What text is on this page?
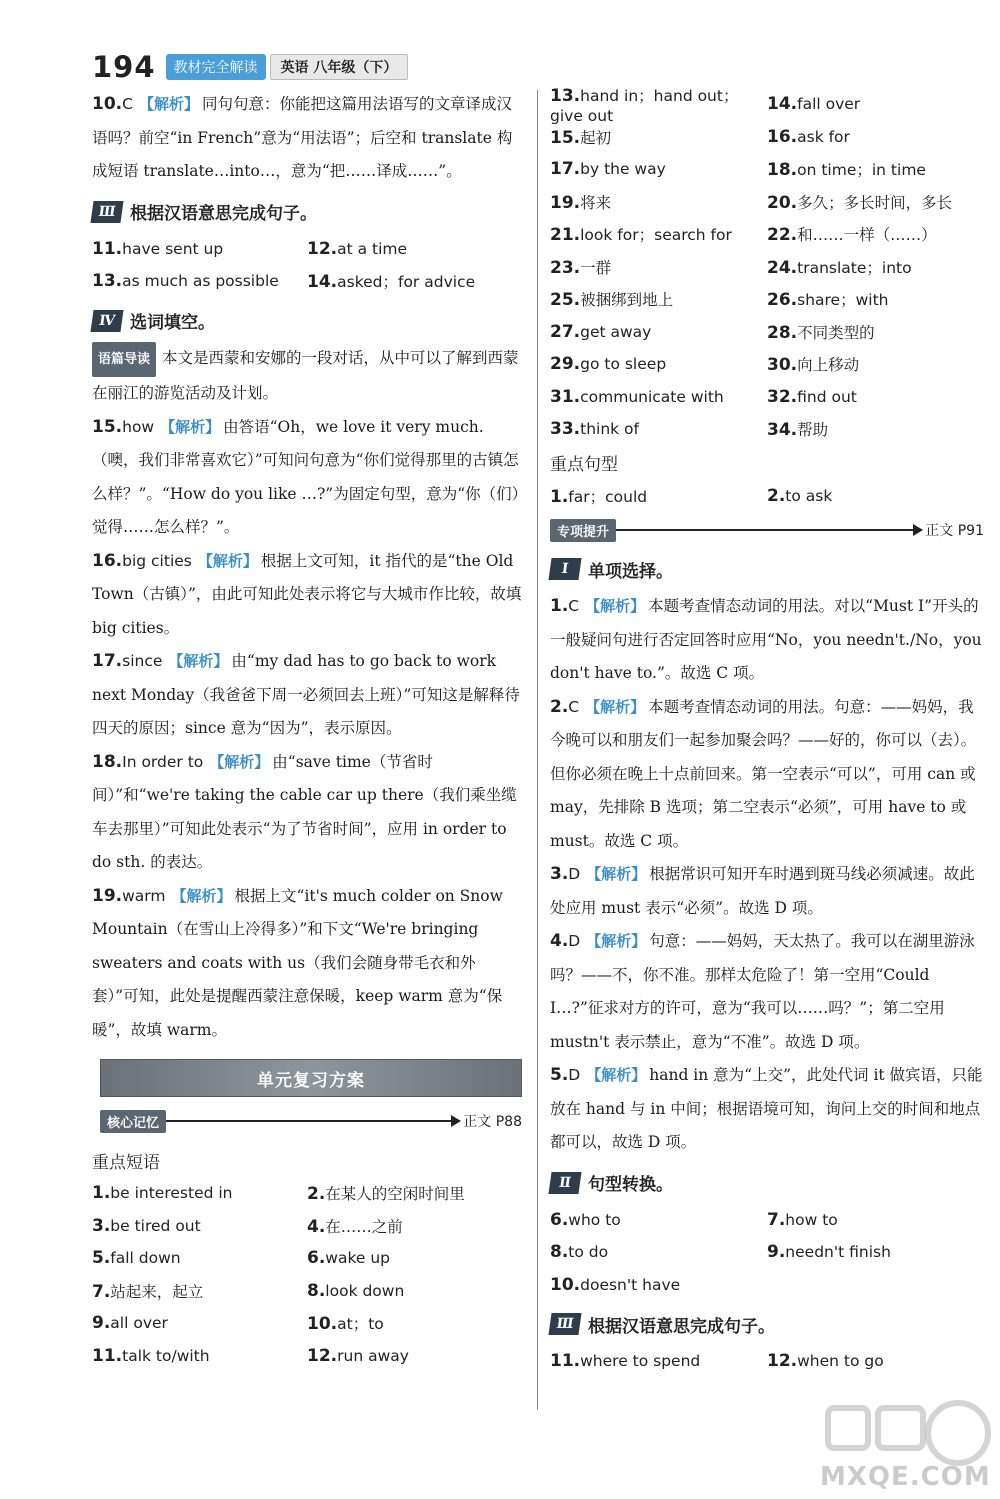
194	教材完全解读	英语 八年级（下）
10.C 【解析】 同句句意：你能把这篇用法语写的文章译成汉语吗？前空“in French”意为“用法语”；后空和 translate 构成短语 translate…into…，意为“把……译成……”。
Ⅲ 根据汉语意思完成句子。
11.have sent up	12.at a time
13.as much as possible	14.asked；for advice
Ⅳ 选词填空。
语篇导读 本文是西蒙和安娜的一段对话，从中可以了解到西蒙在丽江的游览活动及计划。
15.how 【解析】 由答语“Oh，we love it very much.（噢，我们非常喜欢它）”可知问句意为“你们觉得那里的古镇怎么样？”。“How do you like …?”为固定句型，意为“你（们）觉得……怎么样？”。
16.big cities 【解析】 根据上文可知，it 指代的是“the Old Town（古镇）”，由此可知此处表示将它与大城市作比较，故填 big cities。
17.since 【解析】 由“my dad has to go back to work next Monday（我爸爸下周一必须回去上班）”可知这是解释待四天的原因；since 意为“因为”，表示原因。
18.In order to 【解析】 由“save time（节省时间）”和“we're taking the cable car up there（我们乘坐缆车去那里）”可知此处表示“为了节省时间”，应用 in order to do sth. 的表达。
19.warm 【解析】 根据上文“it's much colder on Snow Mountain（在雪山上冷得多）”和下文“We're bringing sweaters and coats with us（我们会随身带毛衣和外套）”可知，此处是提醒西蒙注意保暖，keep warm 意为“保暖”，故填 warm。
单元复习方案
核心记忆	正文 P88
重点短语
1.be interested in	2.在某人的空闲时间里
3.be tired out	4.在……之前
5.fall down	6.wake up
7.站起来，起立	8.look down
9.all over	10.at；to
11.talk to/with	12.run away
13.hand in；hand out；give out
14.fall over
15.起初	16.ask for
17.by the way	18.on time；in time
19.将来	20.多久；多长时间，多长
21.look for；search for	22.和……一样（……）
23.一群	24.translate；into
25.被捆绑到地上	26.share；with
27.get away	28.不同类型的
29.go to sleep	30.向上移动
31.communicate with	32.find out
33.think of	34.帮助
重点句型
1.far；could	2.to ask
专项提升	正文 P91
Ⅰ	单项选择。
1.C 【解析】 本题考查情态动词的用法。对以“Must I”开头的一般疑问句进行否定回答时应用“No，you needn't./No，you don't have to.”。故选 C 项。
2.C 【解析】 本题考查情态动词的用法。句意：——妈妈，我今晚可以和朋友们一起参加聚会吗？——好的，你可以（去）。但你必须在晚上十点前回来。第一空表示“可以”，可用 can 或 may，先排除 B 选项；第二空表示“必须”，可用 have to 或 must。故选 C 项。
3.D 【解析】 根据常识可知开车时遇到斑马线必须减速。故此处应用 must 表示“必须”。故选 D 项。
4.D 【解析】 句意：——妈妈，天太热了。我可以在湖里游泳吗？——不，你不准。那样太危险了！第一空用“Could I…?”征求对方的许可，意为“我可以……吗？”；第二空用 mustn't 表示禁止，意为“不准”。故选 D 项。
5.D 【解析】 hand in 意为“上交”，此处代词 it 做宾语，只能放在 hand 与 in 中间；根据语境可知，询问上交的时间和地点都可以，故选 D 项。
Ⅱ 句型转换。
6.who to	7.how to
8.to do	9.needn't finish
10.doesn't have
Ⅲ 根据汉语意思完成句子。
11.where to spend	12.when to go
MXQE.COM
